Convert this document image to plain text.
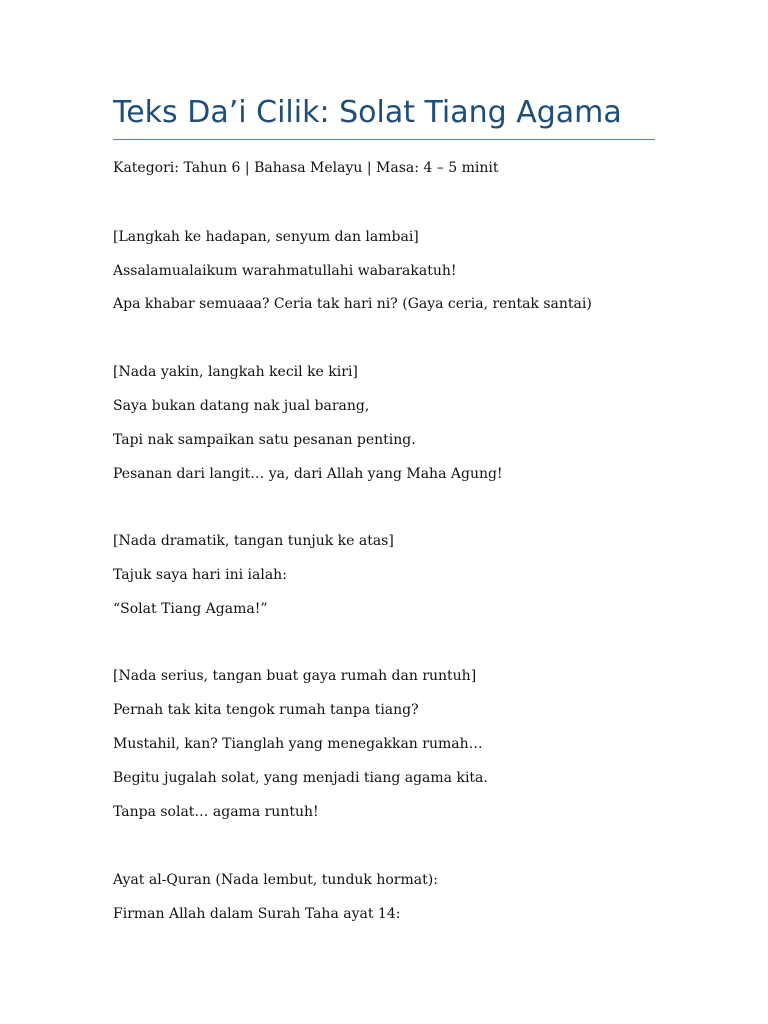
Teks Da’i Cilik: Solat Tiang Agama
Kategori: Tahun 6 | Bahasa Melayu | Masa: 4 – 5 minit
[Langkah ke hadapan, senyum dan lambai]
Assalamualaikum warahmatullahi wabarakatuh!
Apa khabar semuaaa? Ceria tak hari ni? (Gaya ceria, rentak santai)
[Nada yakin, langkah kecil ke kiri]
Saya bukan datang nak jual barang,
Tapi nak sampaikan satu pesanan penting.
Pesanan dari langit… ya, dari Allah yang Maha Agung!
[Nada dramatik, tangan tunjuk ke atas]
Tajuk saya hari ini ialah:
“Solat Tiang Agama!”
[Nada serius, tangan buat gaya rumah dan runtuh]
Pernah tak kita tengok rumah tanpa tiang?
Mustahil, kan? Tianglah yang menegakkan rumah…
Begitu jugalah solat, yang menjadi tiang agama kita.
Tanpa solat… agama runtuh!
Ayat al-Quran (Nada lembut, tunduk hormat):
Firman Allah dalam Surah Taha ayat 14:
